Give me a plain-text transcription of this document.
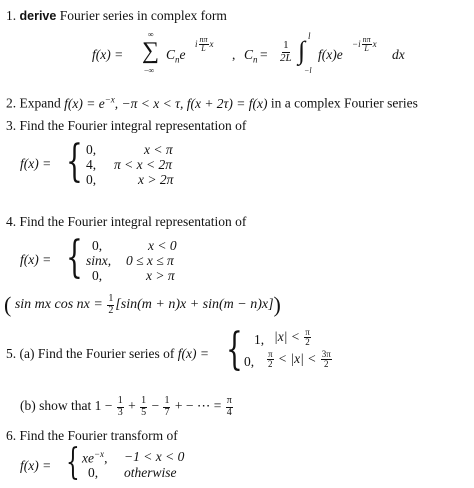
1. derive Fourier series in complex form
f(x) =
∞
∑
−∞
$C_ne$
i $\frac{n\pi}{L}$ x
, $C_n = \frac{1}{2L}$
l
∫
−l
f(x)e
$-i \frac{n\pi}{L}$ x
dx
2. Expand $f(x) = e^{-x}$, −π < x < τ, f(x + 2τ) = f(x) in a complex Fourier series
3. Find the Fourier integral representation of
f(x) = { 0,	x < π
4, π < x < 2π
0,	x > 2π
4. Find the Fourier integral representation of
f(x) = { 0,	x < 0
sinx, 0 ≤ x ≤ π
0,	x > π
( sin mx cos nx = $\frac{1}{2} [\sin(m + n)x + \sin(m - n)x]$)
5. (a) Find the Fourier series of f(x) = { 1, $|x| < \frac{\pi}{2}$
0, $\frac{\pi}{2} < |x| < \frac{3\pi}{2}$
(b) show that $1 - \frac{1}{3} + \frac{1}{5} - \frac{1}{7}$ + − ⋯ = $\frac{\pi}{4}$
6. Find the Fourier transform of
f(x) = { $xe^{-x}$, −1 < x < 0
0, otherwise
